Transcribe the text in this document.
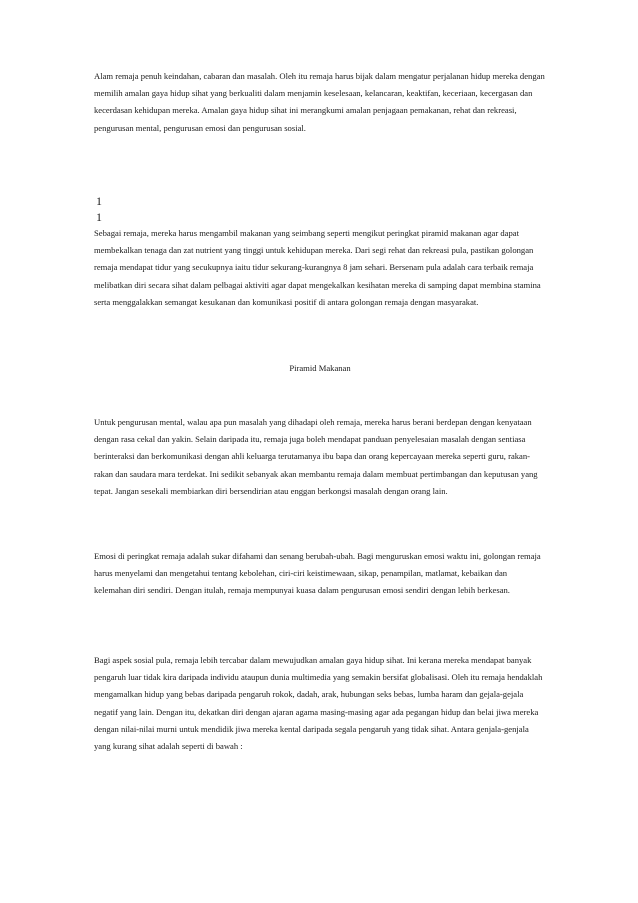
Alam remaja penuh keindahan, cabaran dan masalah. Oleh itu remaja harus bijak dalam mengatur perjalanan hidup mereka dengan memilih amalan gaya hidup sihat yang berkualiti dalam menjamin keselesaan, kelancaran, keaktifan, keceriaan, kecergasan dan kecerdasan kehidupan mereka. Amalan gaya hidup sihat ini merangkumi amalan penjagaan pemakanan, rehat dan rekreasi, pengurusan mental, pengurusan emosi dan pengurusan sosial.

1

1

Sebagai remaja, mereka harus mengambil makanan yang seimbang seperti mengikut peringkat piramid makanan agar dapat membekalkan tenaga dan zat nutrient yang tinggi untuk kehidupan mereka. Dari segi rehat dan rekreasi pula, pastikan golongan remaja mendapat tidur yang secukupnya iaitu tidur sekurang-kurangnya 8 jam sehari. Bersenam pula adalah cara terbaik remaja melibatkan diri secara sihat dalam pelbagai aktiviti agar dapat mengekalkan kesihatan mereka di samping dapat membina stamina serta menggalakkan semangat kesukanan dan komunikasi positif di antara golongan remaja dengan masyarakat.

Piramid Makanan

Untuk pengurusan mental, walau apa pun masalah yang dihadapi oleh remaja, mereka harus berani berdepan dengan kenyataan dengan rasa cekal dan yakin. Selain daripada itu, remaja juga boleh mendapat panduan penyelesaian masalah dengan sentiasa berinteraksi dan berkomunikasi dengan ahli keluarga terutamanya ibu bapa dan orang kepercayaan mereka seperti guru, rakan-rakan dan saudara mara terdekat. Ini sedikit sebanyak akan membantu remaja dalam membuat pertimbangan dan keputusan yang tepat. Jangan sesekali membiarkan diri bersendirian atau enggan berkongsi masalah dengan orang lain.

Emosi di peringkat remaja adalah sukar difahami dan senang berubah-ubah. Bagi menguruskan emosi waktu ini, golongan remaja harus menyelami dan mengetahui tentang kebolehan, ciri-ciri keistimewaan, sikap, penampilan, matlamat, kebaikan dan kelemahan diri sendiri. Dengan itulah, remaja mempunyai kuasa dalam pengurusan emosi sendiri dengan lebih berkesan.

Bagi aspek sosial pula, remaja lebih tercabar dalam mewujudkan amalan gaya hidup sihat. Ini kerana mereka mendapat banyak pengaruh luar tidak kira daripada individu ataupun dunia multimedia yang semakin bersifat globalisasi. Oleh itu remaja hendaklah mengamalkan hidup yang bebas daripada pengaruh rokok, dadah, arak, hubungan seks bebas, lumba haram dan gejala-gejala negatif yang lain. Dengan itu, dekatkan diri dengan ajaran agama masing-masing agar ada pegangan hidup dan belai jiwa mereka dengan nilai-nilai murni untuk mendidik jiwa mereka kental daripada segala pengaruh yang tidak sihat. Antara genjala-genjala yang kurang sihat adalah seperti di bawah :
